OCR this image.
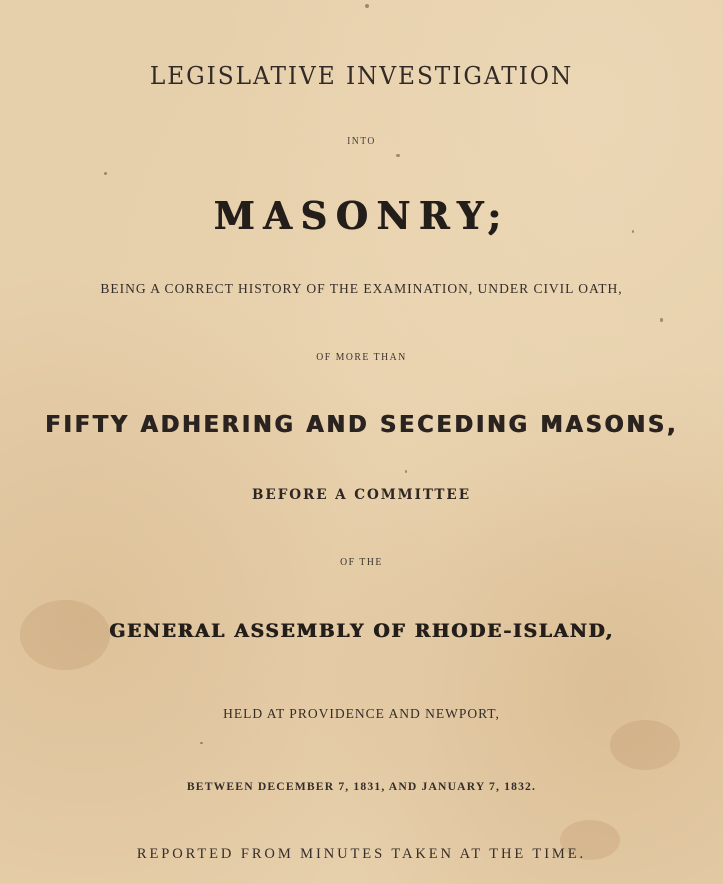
LEGISLATIVE INVESTIGATION
INTO
MASONRY;
BEING A CORRECT HISTORY OF THE EXAMINATION, UNDER CIVIL OATH,
OF MORE THAN
FIFTY ADHERING AND SECEDING MASONS,
BEFORE A COMMITTEE
OF THE
GENERAL ASSEMBLY OF RHODE-ISLAND,
HELD AT PROVIDENCE AND NEWPORT,
BETWEEN DECEMBER 7, 1831, AND JANUARY 7, 1832.
REPORTED FROM MINUTES TAKEN AT THE TIME.
